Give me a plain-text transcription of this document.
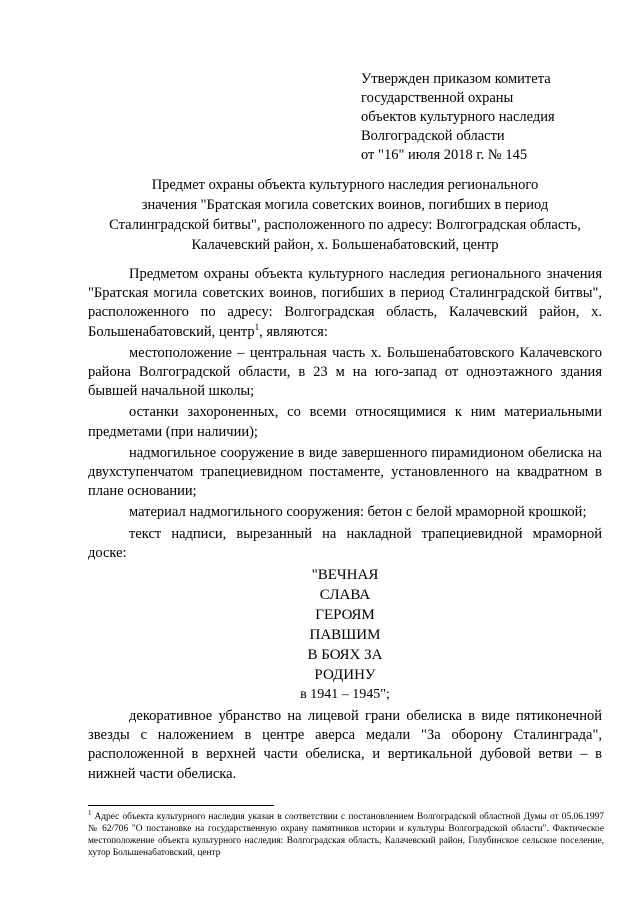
Утвержден приказом комитета
государственной охраны
объектов культурного наследия
Волгоградской области
от "16" июля 2018 г. № 145
Предмет охраны объекта культурного наследия регионального
значения "Братская могила советских воинов, погибших в период
Сталинградской битвы", расположенного по адресу: Волгоградская область,
Калачевский район, х. Большенабатовский, центр

Предметом охраны объекта культурного наследия регионального значения "Братская могила советских воинов, погибших в период Сталинградской битвы", расположенного по адресу: Волгоградская область, Калачевский район, х. Большенабатовский, центр$^1$, являются:

местоположение – центральная часть х. Большенабатовского Калачевского района Волгоградской области, в 23 м на юго-запад от одноэтажного здания бывшей начальной школы;

останки захороненных, со всеми относящимися к ним материальными предметами (при наличии);

надмогильное сооружение в виде завершенного пирамидионом обелиска на двухступенчатом трапециевидном постаменте, установленного на квадратном в плане основании;

материал надмогильного сооружения: бетон с белой мраморной крошкой;

текст надписи, вырезанный на накладной трапециевидной мраморной доске:

"ВЕЧНАЯ
СЛАВА
ГЕРОЯМ
ПАВШИМ
В БОЯХ ЗА
РОДИНУ
в 1941 – 1945";

декоративное убранство на лицевой грани обелиска в виде пятиконечной звезды с наложением в центре аверса медали "За оборону Сталинграда", расположенной в верхней части обелиска, и вертикальной дубовой ветви – в нижней части обелиска.

$^1$ Адрес объекта культурного наследия указан в соответствии с постановлением Волгоградской областной Думы от 05.06.1997 № 62/706 "О постановке на государственную охрану памятников истории и культуры Волгоградской области". Фактическое местоположение объекта культурного наследия: Волгоградская область, Калачевский район, Голубинское сельское поселение, хутор Большенабатовский, центр
